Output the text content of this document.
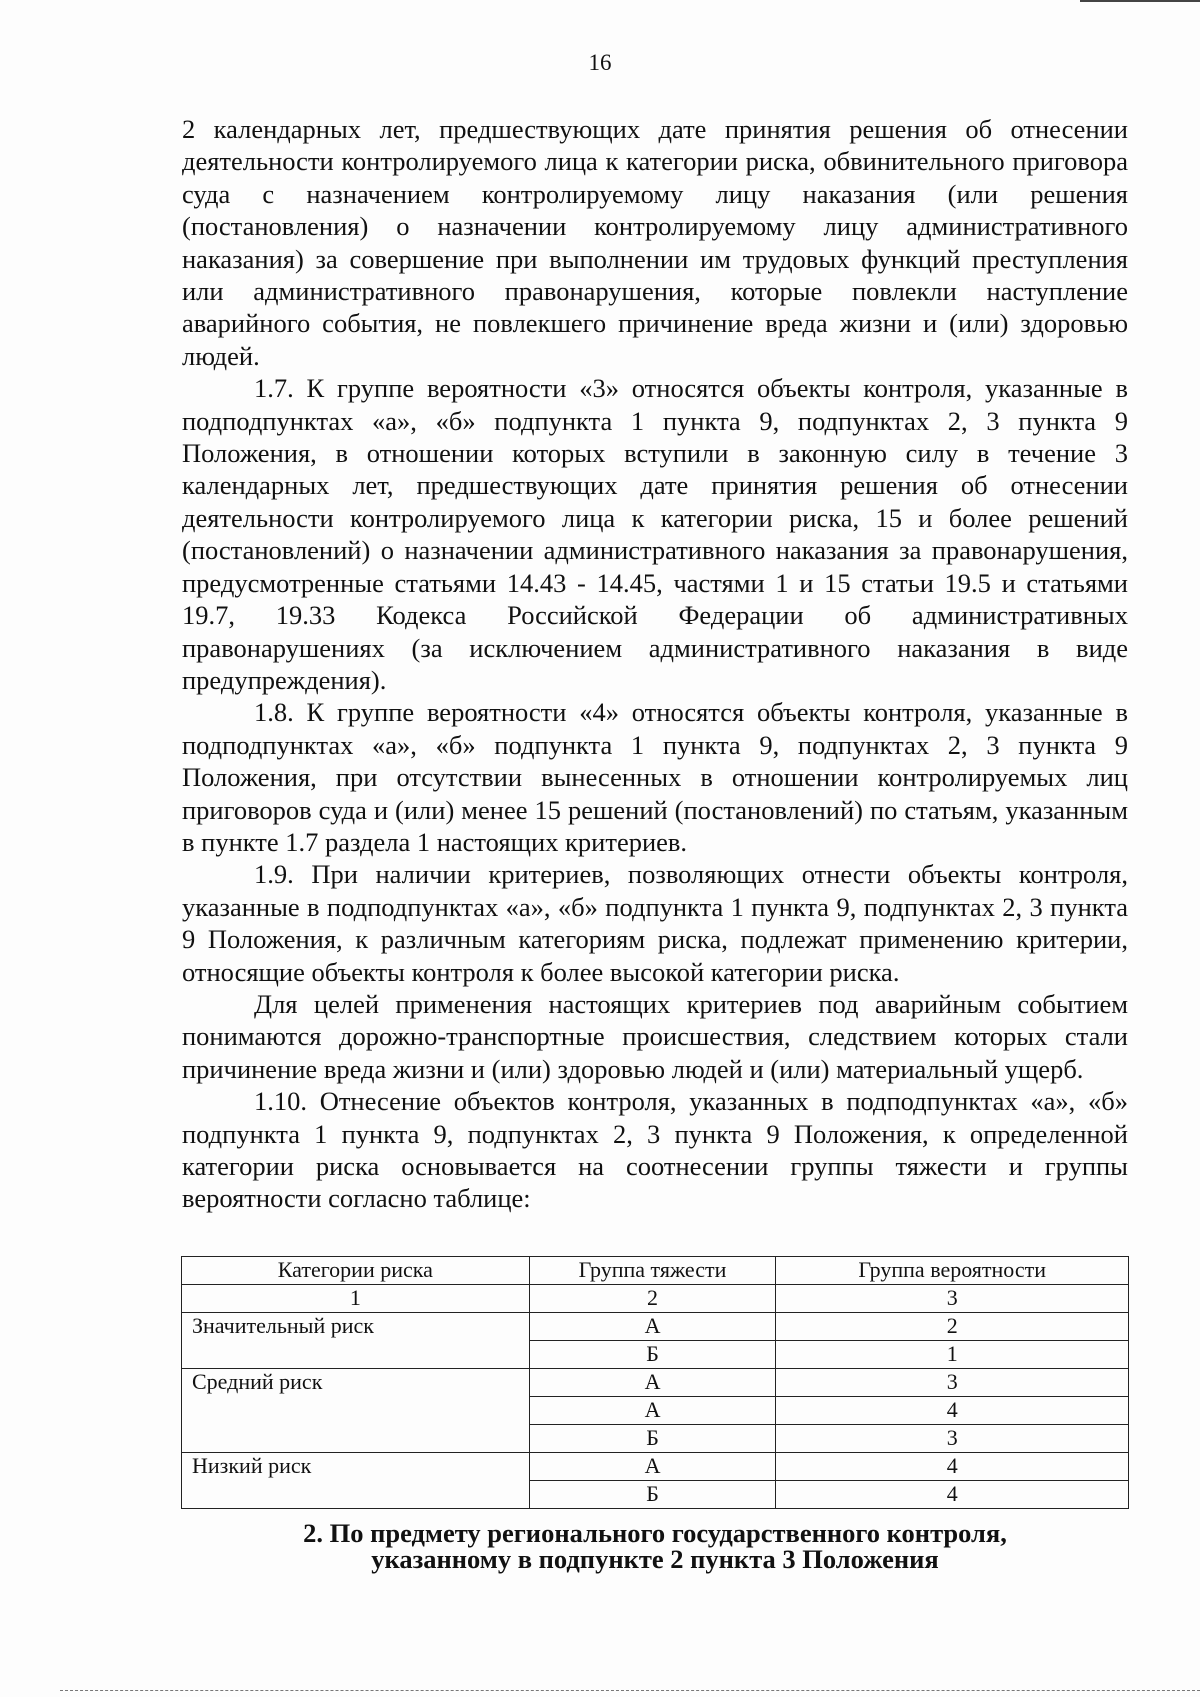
16

2 календарных лет, предшествующих дате принятия решения об отнесении деятельности контролируемого лица к категории риска, обвинительного приговора суда с назначением контролируемому лицу наказания (или решения (постановления) о назначении контролируемому лицу административного наказания) за совершение при выполнении им трудовых функций преступления или административного правонарушения, которые повлекли наступление аварийного события, не повлекшего причинение вреда жизни и (или) здоровью людей.

1.7. К группе вероятности «3» относятся объекты контроля, указанные в подподпунктах «а», «б» подпункта 1 пункта 9, подпунктах 2, 3 пункта 9 Положения, в отношении которых вступили в законную силу в течение 3 календарных лет, предшествующих дате принятия решения об отнесении деятельности контролируемого лица к категории риска, 15 и более решений (постановлений) о назначении административного наказания за правонарушения, предусмотренные статьями 14.43 - 14.45, частями 1 и 15 статьи 19.5 и статьями 19.7, 19.33 Кодекса Российской Федерации об административных правонарушениях (за исключением административного наказания в виде предупреждения).

1.8. К группе вероятности «4» относятся объекты контроля, указанные в подподпунктах «а», «б» подпункта 1 пункта 9, подпунктах 2, 3 пункта 9 Положения, при отсутствии вынесенных в отношении контролируемых лиц приговоров суда и (или) менее 15 решений (постановлений) по статьям, указанным в пункте 1.7 раздела 1 настоящих критериев.

1.9. При наличии критериев, позволяющих отнести объекты контроля, указанные в подподпунктах «а», «б» подпункта 1 пункта 9, подпунктах 2, 3 пункта 9 Положения, к различным категориям риска, подлежат применению критерии, относящие объекты контроля к более высокой категории риска.

Для целей применения настоящих критериев под аварийным событием понимаются дорожно-транспортные происшествия, следствием которых стали причинение вреда жизни и (или) здоровью людей и (или) материальный ущерб.

1.10. Отнесение объектов контроля, указанных в подподпунктах «а», «б» подпункта 1 пункта 9, подпунктах 2, 3 пункта 9 Положения, к определенной категории риска основывается на соотнесении группы тяжести и группы вероятности согласно таблице:

Категории риска	Группа тяжести	Группа вероятности
1	2	3
Значительный риск	А	2
	Б	1
Средний риск	А	3
	А	4
	Б	3
Низкий риск	А	4
	Б	4
2. По предмету регионального государственного контроля,
указанному в подпункте 2 пункта 3 Положения
